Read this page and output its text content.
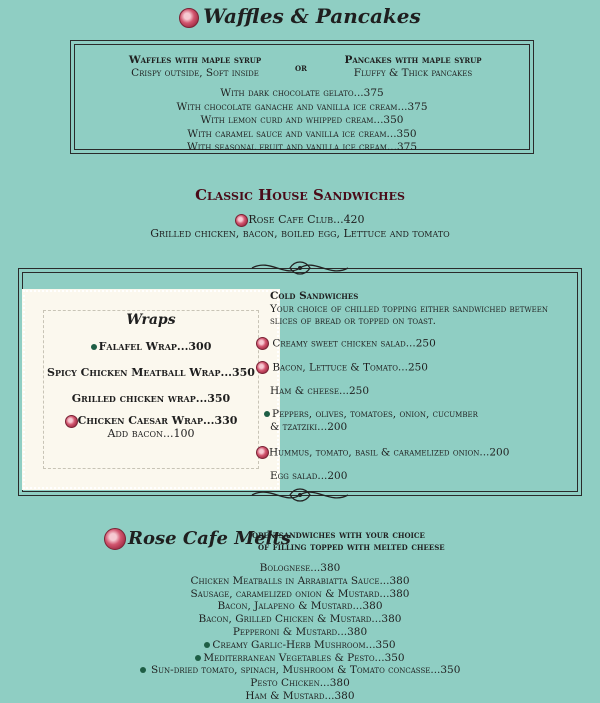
Waffles & Pancakes
Waffles with maple syrup
Crispy outside, Soft inside	or
Pancakes with maple syrup
Fluffy & Thick pancakes
With dark chocolate gelato...375
With chocolate ganache and vanilla ice cream...375
With lemon curd and whipped cream...350
With caramel sauce and vanilla ice cream...350
With seasonal fruit and vanilla ice cream...375
Classic House Sandwiches
Rose Cafe Club...420
Grilled chicken, bacon, boiled egg, Lettuce and tomato
Wraps
Falafel Wrap...300
Spicy Chicken Meatball Wrap...350
Grilled chicken wrap...350
Chicken Caesar Wrap...330
Add bacon...100
Cold Sandwiches
Your choice of chilled topping either sandwiched between slices of bread or topped on toast.
Creamy sweet chicken salad...250
Bacon, Lettuce & Tomato...250
Ham & cheese...250
Peppers, olives, tomatoes, onion, cucumber
& tzatziki...200
Hummus, tomato, basil & caramelized onion...200
Egg salad...200
Rose Cafe Melts
open sandwiches with your choice
of filling topped with melted cheese
Bolognese...380
Chicken Meatballs in Arrabiatta Sauce...380
Sausage, caramelized onion & Mustard...380
Bacon, Jalapeno & Mustard...380
Bacon, Grilled Chicken & Mustard...380
Pepperoni & Mustard...380
Creamy Garlic-Herb Mushroom...350
Mediterranean Vegetables & Pesto...350
Sun-dried tomato, spinach, Mushroom & Tomato concasse...350
Pesto Chicken...380
Ham & Mustard...380
